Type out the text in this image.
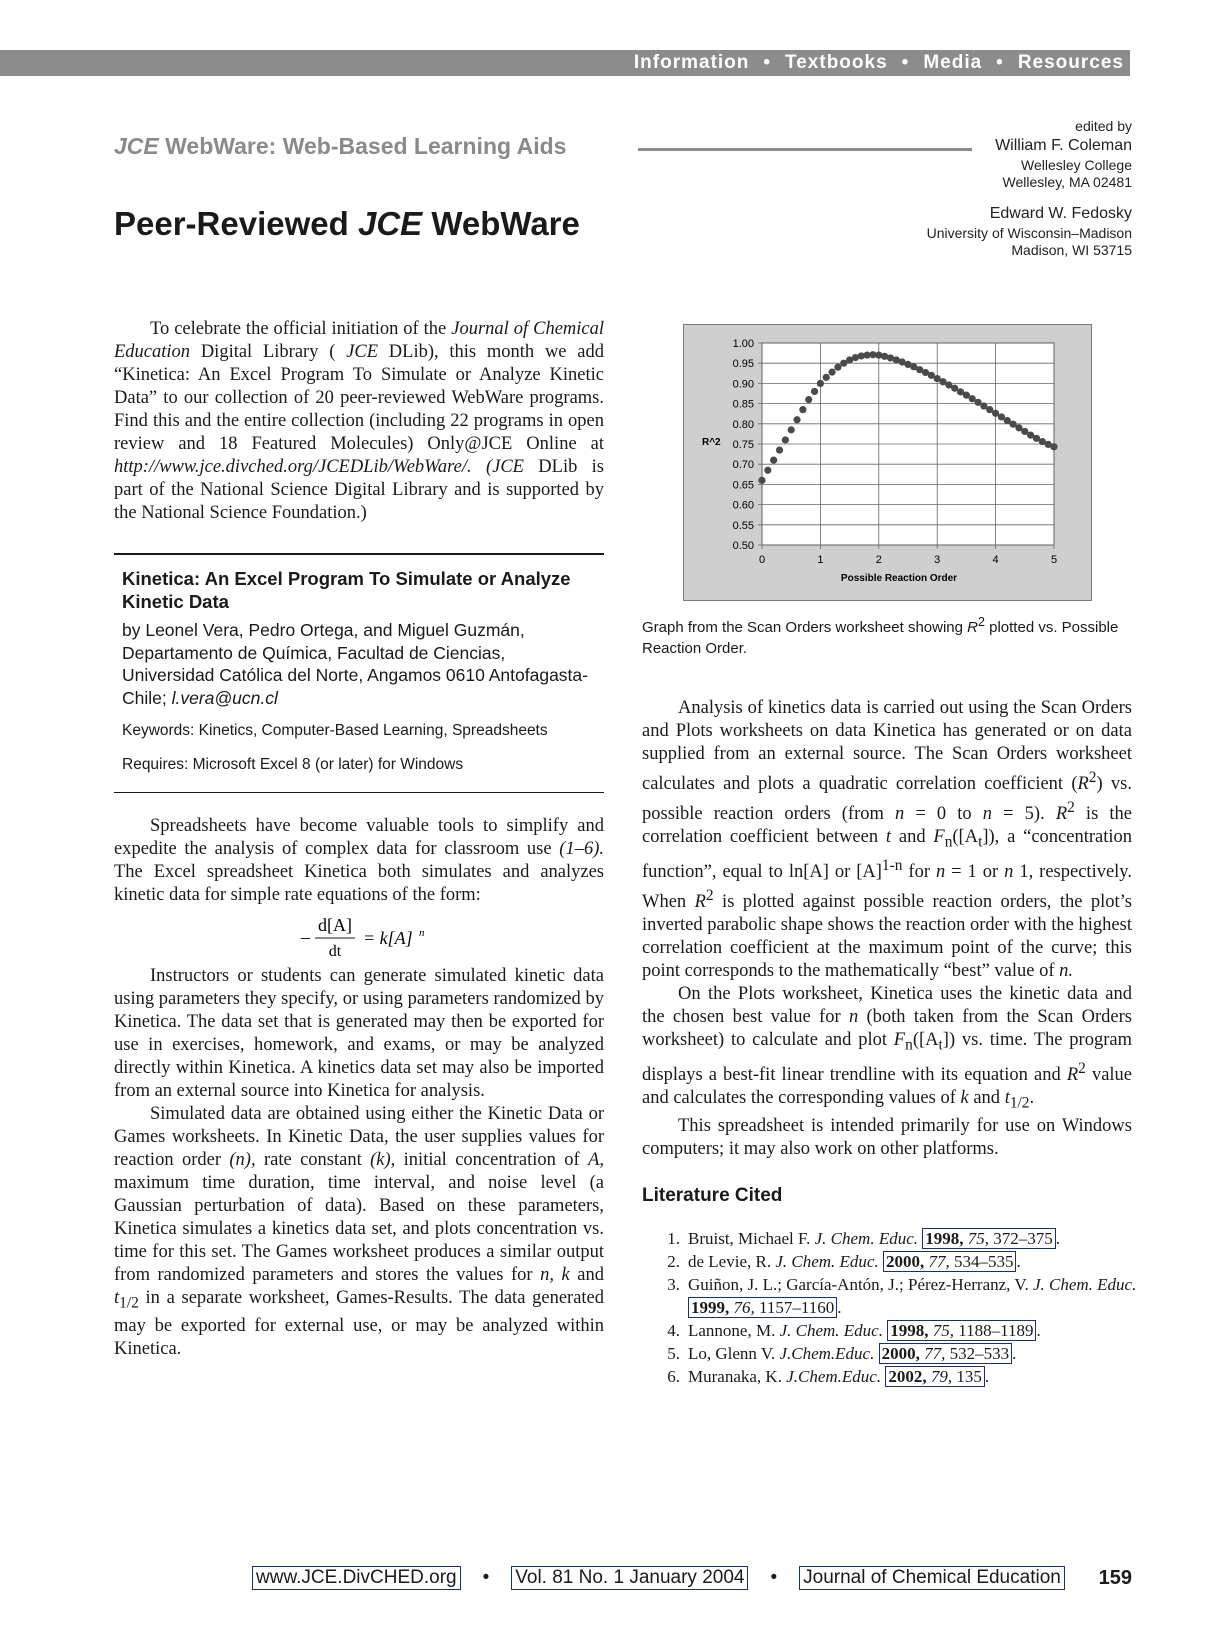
Information • Textbooks • Media • Resources
JCE WebWare: Web-Based Learning Aids
edited by
William F. Coleman
Wellesley College
Wellesley, MA 02481
Edward W. Fedosky
University of Wisconsin–Madison
Madison, WI 53715
Peer-Reviewed JCE WebWare

To celebrate the official initiation of the Journal of Chemical Education Digital Library ( JCE DLib), this month we add “Kinetica: An Excel Program To Simulate or Analyze Kinetic Data” to our collection of 20 peer-reviewed WebWare programs. Find this and the entire collection (including 22 programs in open review and 18 Featured Molecules) Only@JCE Online at http://www.jce.divched.org/JCEDLib/WebWare/. (JCE DLib is part of the National Science Digital Library and is supported by the National Science Foundation.)

Kinetica: An Excel Program To Simulate or Analyze Kinetic Data

by Leonel Vera, Pedro Ortega, and Miguel Guzmán, Departamento de Química, Facultad de Ciencias, Universidad Católica del Norte, Angamos 0610 Antofagasta-Chile; l.vera@ucn.cl

Keywords: Kinetics, Computer-Based Learning, Spreadsheets

Requires: Microsoft Excel 8 (or later) for Windows

Spreadsheets have become valuable tools to simplify and expedite the analysis of complex data for classroom use (1–6). The Excel spreadsheet Kinetica both simulates and analyzes kinetic data for simple rate equations of the form:

–
d[A]
dt
= k[A] n

Instructors or students can generate simulated kinetic data using parameters they specify, or using parameters randomized by Kinetica. The data set that is generated may then be exported for use in exercises, homework, and exams, or may be analyzed directly within Kinetica. A kinetics data set may also be imported from an external source into Kinetica for analysis.

Simulated data are obtained using either the Kinetic Data or Games worksheets. In Kinetic Data, the user supplies values for reaction order (n), rate constant (k), initial concentration of A, maximum time duration, time interval, and noise level (a Gaussian perturbation of data). Based on these parameters, Kinetica simulates a kinetics data set, and plots concentration vs. time for this set. The Games worksheet produces a similar output from randomized parameters and stores the values for n, k and $t_{1/2}$ in a separate worksheet, Games-Results. The data generated may be exported for external use, or may be analyzed within Kinetica.

0.50
0.55
0.60
0.65
0.70
0.75
0.80
0.85
0.90
0.95
1.00
0	1	2	3	4	5
R^2
Possible Reaction Order
Graph from the Scan Orders worksheet showing $R^2$ plotted vs. Possible Reaction Order.

Analysis of kinetics data is carried out using the Scan Orders and Plots worksheets on data Kinetica has generated or on data supplied from an external source. The Scan Orders worksheet calculates and plots a quadratic correlation coefficient $(R^2)$ vs. possible reaction orders (from n = 0 to n = 5). $R^2$ is the correlation coefficient between t and $F_n([A_t])$, a “concentration function”, equal to ln[A] or $[A]^{1-n}$ for n = 1 or n 1, respectively. When $R^2$ is plotted against possible reaction orders, the plot’s inverted parabolic shape shows the reaction order with the highest correlation coefficient at the maximum point of the curve; this point corresponds to the mathematically “best” value of n.

On the Plots worksheet, Kinetica uses the kinetic data and the chosen best value for n (both taken from the Scan Orders worksheet) to calculate and plot $F_n([A_t])$ vs. time. The program displays a best-fit linear trendline with its equation and $R^2$ value and calculates the corresponding values of k and $t_{1/2}$.

This spreadsheet is intended primarily for use on Windows computers; it may also work on other platforms.

Literature Cited
1. Bruist, Michael F. J. Chem. Educ. 1998, 75, 372–375 .
2. de Levie, R. J. Chem. Educ. 2000, 77, 534–535 .
3. Guiñon, J. L.; García-Antón, J.; Pérez-Herranz, V. J. Chem. Educ. 1999, 76, 1157–1160 .
4. Lannone, M. J. Chem. Educ. 1998, 75, 1188–1189 .
5. Lo, Glenn V. J.Chem.Educ. 2000, 77, 532–533 .
6. Muranaka, K. J.Chem.Educ. 2002, 79, 135 .
www.JCE.DivCHED.org • Vol. 81 No. 1 January 2004 • Journal of Chemical Education 159
